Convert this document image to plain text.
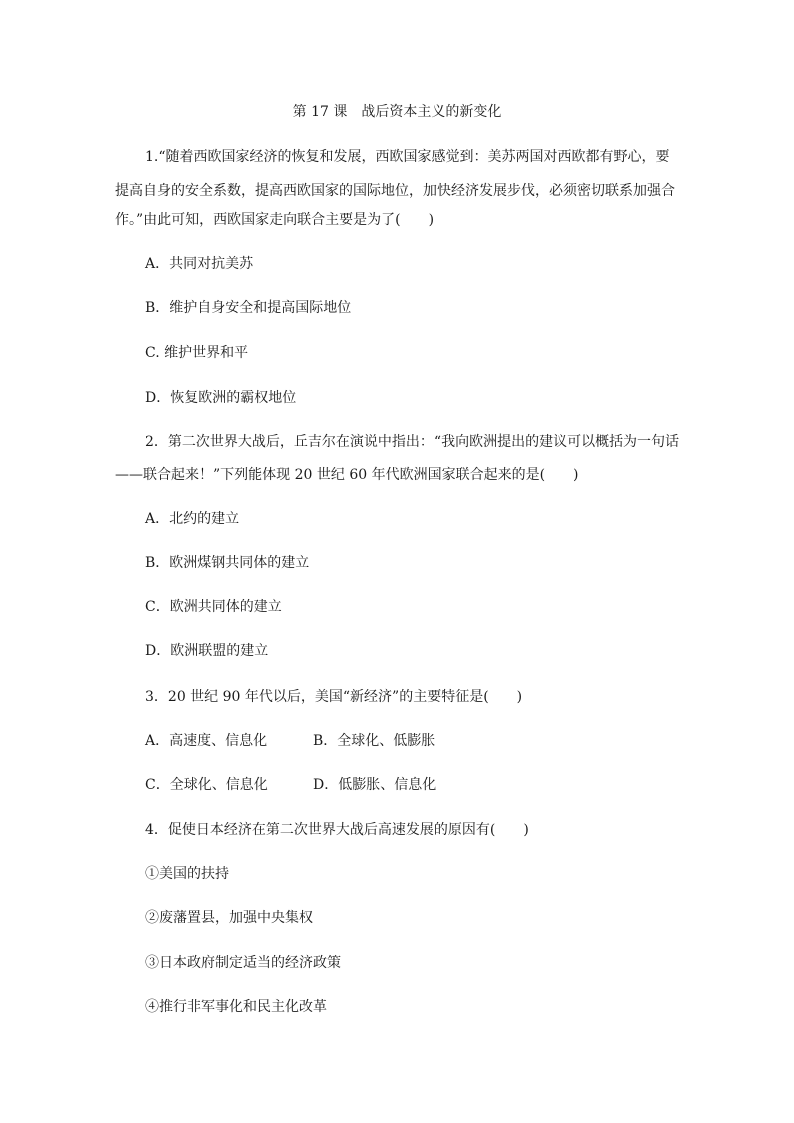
第 17 课　战后资本主义的新变化
1.“随着西欧国家经济的恢复和发展，西欧国家感觉到：美苏两国对西欧都有野心，要
提高自身的安全系数，提高西欧国家的国际地位，加快经济发展步伐，必须密切联系加强合
作。”由此可知，西欧国家走向联合主要是为了(　　)
A．共同对抗美苏
B．维护自身安全和提高国际地位
C. 维护世界和平
D．恢复欧洲的霸权地位
2．第二次世界大战后，丘吉尔在演说中指出：“我向欧洲提出的建议可以概括为一句话
——联合起来！”下列能体现 20 世纪 60 年代欧洲国家联合起来的是(　　)
A．北约的建立
B．欧洲煤钢共同体的建立
C．欧洲共同体的建立
D．欧洲联盟的建立
3．20 世纪 90 年代以后，美国“新经济”的主要特征是(　　)
A．高速度、信息化	B．全球化、低膨胀
C．全球化、信息化	D．低膨胀、信息化
4．促使日本经济在第二次世界大战后高速发展的原因有(　　)
①美国的扶持
②废藩置县，加强中央集权
③日本政府制定适当的经济政策
④推行非军事化和民主化改革
